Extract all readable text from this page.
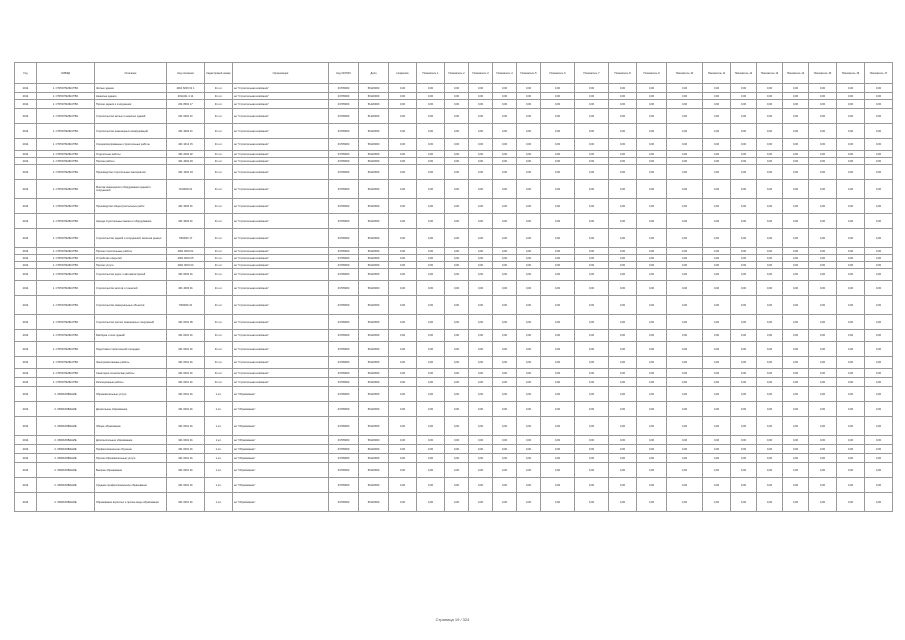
Год	ОКВЭД	Описание	Код описания	Кадастровый номер	Организация	Код ОКТМО	Доля	Норматив	Показатель 1	Показатель 2	Показатель 3	Показатель 4	Показатель 5	Показатель 6	Показатель 7	Показатель 8	Показатель 9	Показатель 10	Показатель 11	Показатель 12	Показатель 13	Показатель 14	Показатель 15	Показатель 16	Показатель 17
2014	1. СТРОИТЕЛЬСТВО	Жилые здания	4001 6015 01 1	41 шт.	ао "Строительная компания"	04705000	50120000	0,00	0,00	0,00	0,00	0,00	0,00	0,00	0,00	0,00	0,00	0,00	0,00	0,00	0,00	0,00	0,00	0,00	0,00
2014	1. СТРОИТЕЛЬСТВО	Нежилые здания	4014411 4 14	41 шт.	ао "Строительная компания"	04705000	50120000	0,00	0,00	0,00	0,00	0,00	0,00	0,00	0,00	0,00	0,00	0,00	0,00	0,00	0,00	0,00	0,00	0,00	0,00
2014	1. СТРОИТЕЛЬСТВО	Прочие здания и сооружения	201 8002 17	41 шт.	ао "Строительная компания"	04705000	51420000	0,00	0,00	0,00	0,00	0,00	0,00	0,00	0,00	0,00	0,00	0,00	0,00	0,00	0,00	0,00	0,00	0,00	0,00
2014	1. СТРОИТЕЛЬСТВО	Строительство жилых и нежилых зданий	201 0002 21	41 шт.	ао "Строительная компания"	04705000	51420000	0,00	0,00	0,00	0,00	0,00	0,00	0,00	0,00	0,00	0,00	0,00	0,00	0,00	0,00	0,00	0,00	0,00	0,00
2014	1. СТРОИТЕЛЬСТВО	Строительство инженерных коммуникаций	401 3003 41	41 шт.	ао "Строительная компания"	04705000	50120000	0,00	0,00	0,00	0,00	0,00	0,00	0,00	0,00	0,00	0,00	0,00	0,00	0,00	0,00	0,00	0,00	0,00	0,00
2014	1. СТРОИТЕЛЬСТВО	Специализированные строительные работы	401 3414 15	41 шт.	ао "Строительная компания"	04705000	50120000	0,00	0,00	0,00	0,00	0,00	0,00	0,00	0,00	0,00	0,00	0,00	0,00	0,00	0,00	0,00	0,00	0,00	0,00
2014	1. СТРОИТЕЛЬСТВО	Отделочные работы	401 2004 02	41 шт.	ао "Строительная компания"	04705000	50120000	0,00	0,00	0,00	0,00	0,00	0,00	0,00	0,00	0,00	0,00	0,00	0,00	0,00	0,00	0,00	0,00	0,00	0,00
2014	1. СТРОИТЕЛЬСТВО	Прочие работы	401 4004 03	41 шт.	ао "Строительная компания"	04705000	50120000	0,00	0,00	0,00	0,00	0,00	0,00	0,00	0,00	0,00	0,00	0,00	0,00	0,00	0,00	0,00	0,00	0,00	0,00
2014	1. СТРОИТЕЛЬСТВО	Производство строительных материалов	401 1004 04	41 шт.	ао "Строительная компания"	04705000	50120000	0,00	0,00	0,00	0,00	0,00	0,00	0,00	0,00	0,00	0,00	0,00	0,00	0,00	0,00	0,00	0,00	0,00	0,00
2014	1. СТРОИТЕЛЬСТВО	Монтаж инженерного оборудования зданий и сооружений	7100003 01	41 шт.	ао "Строительная компания"	04705000	50120000	0,00	0,00	0,00	0,00	0,00	0,00	0,00	0,00	0,00	0,00	0,00	0,00	0,00	0,00	0,00	0,00	0,00	0,00
2014	1. СТРОИТЕЛЬСТВО	Производство общестроительных работ	401 3003 01	41 шт.	ао "Строительная компания"	04705000	50120000	0,00	0,00	0,00	0,00	0,00	0,00	0,00	0,00	0,00	0,00	0,00	0,00	0,00	0,00	0,00	0,00	0,00	0,00
2014	1. СТРОИТЕЛЬСТВО	Аренда строительных машин и оборудования	401 3003 01	41 шт.	ао "Строительная компания"	04705000	50120000	0,00	0,00	0,00	0,00	0,00	0,00	0,00	0,00	0,00	0,00	0,00	0,00	0,00	0,00	0,00	0,00	0,00	0,00
2014	1. СТРОИТЕЛЬСТВО	Строительство зданий и сооружений, включая ремонт	7000001 17	41 шт.	ао "Строительная компания"	04705000	50120000	0,00	0,00	0,00	0,00	0,00	0,00	0,00	0,00	0,00	0,00	0,00	0,00	0,00	0,00	0,00	0,00	0,00	0,00
2014	1. СТРОИТЕЛЬСТВО	Прочие строительные работы	4001 0001 01	41 шт.	ао "Строительная компания"	04705000	50120000	0,00	0,00	0,00	0,00	0,00	0,00	0,00	0,00	0,00	0,00	0,00	0,00	0,00	0,00	0,00	0,00	0,00	0,00
2014	1. СТРОИТЕЛЬСТВО	Устройство покрытий	4001 0001 05	41 шт.	ао "Строительная компания"	04705000	50120000	0,00	0,00	0,00	0,00	0,00	0,00	0,00	0,00	0,00	0,00	0,00	0,00	0,00	0,00	0,00	0,00	0,00	0,00
2014	1. СТРОИТЕЛЬСТВО	Прочие услуги	4001 0001 03	41 шт.	ао "Строительная компания"	04705000	50120000	0,00	0,00	0,00	0,00	0,00	0,00	0,00	0,00	0,00	0,00	0,00	0,00	0,00	0,00	0,00	0,00	0,00	0,00
2014	1. СТРОИТЕЛЬСТВО	Строительство дорог и автомагистралей	401 6003 01	41 шт.	ао "Строительная компания"	04705000	50120000	0,00	0,00	0,00	0,00	0,00	0,00	0,00	0,00	0,00	0,00	0,00	0,00	0,00	0,00	0,00	0,00	0,00	0,00
2014	1. СТРОИТЕЛЬСТВО	Строительство мостов и тоннелей	401 4003 01	41 шт.	ао "Строительная компания"	04705000	50120000	0,00	0,00	0,00	0,00	0,00	0,00	0,00	0,00	0,00	0,00	0,00	0,00	0,00	0,00	0,00	0,00	0,00	0,00
2014	1. СТРОИТЕЛЬСТВО	Строительство коммунальных объектов	7000001 01	41 шт.	ао "Строительная компания"	04705000	50120000	0,00	0,00	0,00	0,00	0,00	0,00	0,00	0,00	0,00	0,00	0,00	0,00	0,00	0,00	0,00	0,00	0,00	0,00
2014	1. СТРОИТЕЛЬСТВО	Строительство прочих инженерных сооружений	401 0001 05	41 шт.	ао "Строительная компания"	04705000	50120000	0,00	0,00	0,00	0,00	0,00	0,00	0,00	0,00	0,00	0,00	0,00	0,00	0,00	0,00	0,00	0,00	0,00	0,00
2014	1. СТРОИТЕЛЬСТВО	Разборка и снос зданий	401 0001 01	41 шт.	ао "Строительная компания"	04705000	50120000	0,00	0,00	0,00	0,00	0,00	0,00	0,00	0,00	0,00	0,00	0,00	0,00	0,00	0,00	0,00	0,00	0,00	0,00
2014	1. СТРОИТЕЛЬСТВО	Подготовка строительной площадки	401 0001 01	41 шт.	ао "Строительная компания"	04705000	50120000	0,00	0,00	0,00	0,00	0,00	0,00	0,00	0,00	0,00	0,00	0,00	0,00	0,00	0,00	0,00	0,00	0,00	0,00
2014	1. СТРОИТЕЛЬСТВО	Электромонтажные работы	401 0001 01	41 шт.	ао "Строительная компания"	04705000	50120000	0,00	0,00	0,00	0,00	0,00	0,00	0,00	0,00	0,00	0,00	0,00	0,00	0,00	0,00	0,00	0,00	0,00	0,00
2014	1. СТРОИТЕЛЬСТВО	Санитарно-технические работы	401 0001 01	41 шт.	ао "Строительная компания"	04705000	50120000	0,00	0,00	0,00	0,00	0,00	0,00	0,00	0,00	0,00	0,00	0,00	0,00	0,00	0,00	0,00	0,00	0,00	0,00
2014	1. СТРОИТЕЛЬСТВО	Изоляционные работы	401 0001 01	41 шт.	ао "Строительная компания"	04705000	50120000	0,00	0,00	0,00	0,00	0,00	0,00	0,00	0,00	0,00	0,00	0,00	0,00	0,00	0,00	0,00	0,00	0,00	0,00
2014	2. ОБРАЗОВАНИЕ	Образовательные услуги	401 0001 01	1 шт.	ао "Образование"	04705000	50120000	0,00	0,00	0,00	0,00	0,00	0,00	0,00	0,00	0,00	0,00	0,00	0,00	0,00	0,00	0,00	0,00	0,00	0,00
2014	2. ОБРАЗОВАНИЕ	Дошкольное образование	401 0001 01	1 шт.	ао "Образование"	04705000	50120000	0,00	0,00	0,00	0,00	0,00	0,00	0,00	0,00	0,00	0,00	0,00	0,00	0,00	0,00	0,00	0,00	0,00	0,00
2014	2. ОБРАЗОВАНИЕ	Общее образование	401 0001 01	1 шт.	ао "Образование"	04705000	50120000	0,00	0,00	0,00	0,00	0,00	0,00	0,00	0,00	0,00	0,00	0,00	0,00	0,00	0,00	0,00	0,00	0,00	0,00
2014	2. ОБРАЗОВАНИЕ	Дополнительное образование	401 0001 01	1 шт.	ао "Образование"	04705000	50120000	0,00	0,00	0,00	0,00	0,00	0,00	0,00	0,00	0,00	0,00	0,00	0,00	0,00	0,00	0,00	0,00	0,00	0,00
2014	2. ОБРАЗОВАНИЕ	Профессиональное обучение	401 0001 01	1 шт.	ао "Образование"	04705000	50120000	0,00	0,00	0,00	0,00	0,00	0,00	0,00	0,00	0,00	0,00	0,00	0,00	0,00	0,00	0,00	0,00	0,00	0,00
2014	2. ОБРАЗОВАНИЕ	Прочие образовательные услуги	401 0001 01	1 шт.	ао "Образование"	04705000	50120000	0,00	0,00	0,00	0,00	0,00	0,00	0,00	0,00	0,00	0,00	0,00	0,00	0,00	0,00	0,00	0,00	0,00	0,00
2014	2. ОБРАЗОВАНИЕ	Высшее образование	401 0001 01	1 шт.	ао "Образование"	04705000	50120000	0,00	0,00	0,00	0,00	0,00	0,00	0,00	0,00	0,00	0,00	0,00	0,00	0,00	0,00	0,00	0,00	0,00	0,00
2014	2. ОБРАЗОВАНИЕ	Среднее профессиональное образование	401 0001 01	1 шт.	ао "Образование"	04705000	50120000	0,00	0,00	0,00	0,00	0,00	0,00	0,00	0,00	0,00	0,00	0,00	0,00	0,00	0,00	0,00	0,00	0,00	0,00
2014	2. ОБРАЗОВАНИЕ	Образование взрослых и прочие виды образования	401 0001 01	1 шт.	ао "Образование"	04705000	50120000	0,00	0,00	0,00	0,00	0,00	0,00	0,00	0,00	0,00	0,00	0,00	0,00	0,00	0,00	0,00	0,00	0,00	0,00
Страница 19 / 324
